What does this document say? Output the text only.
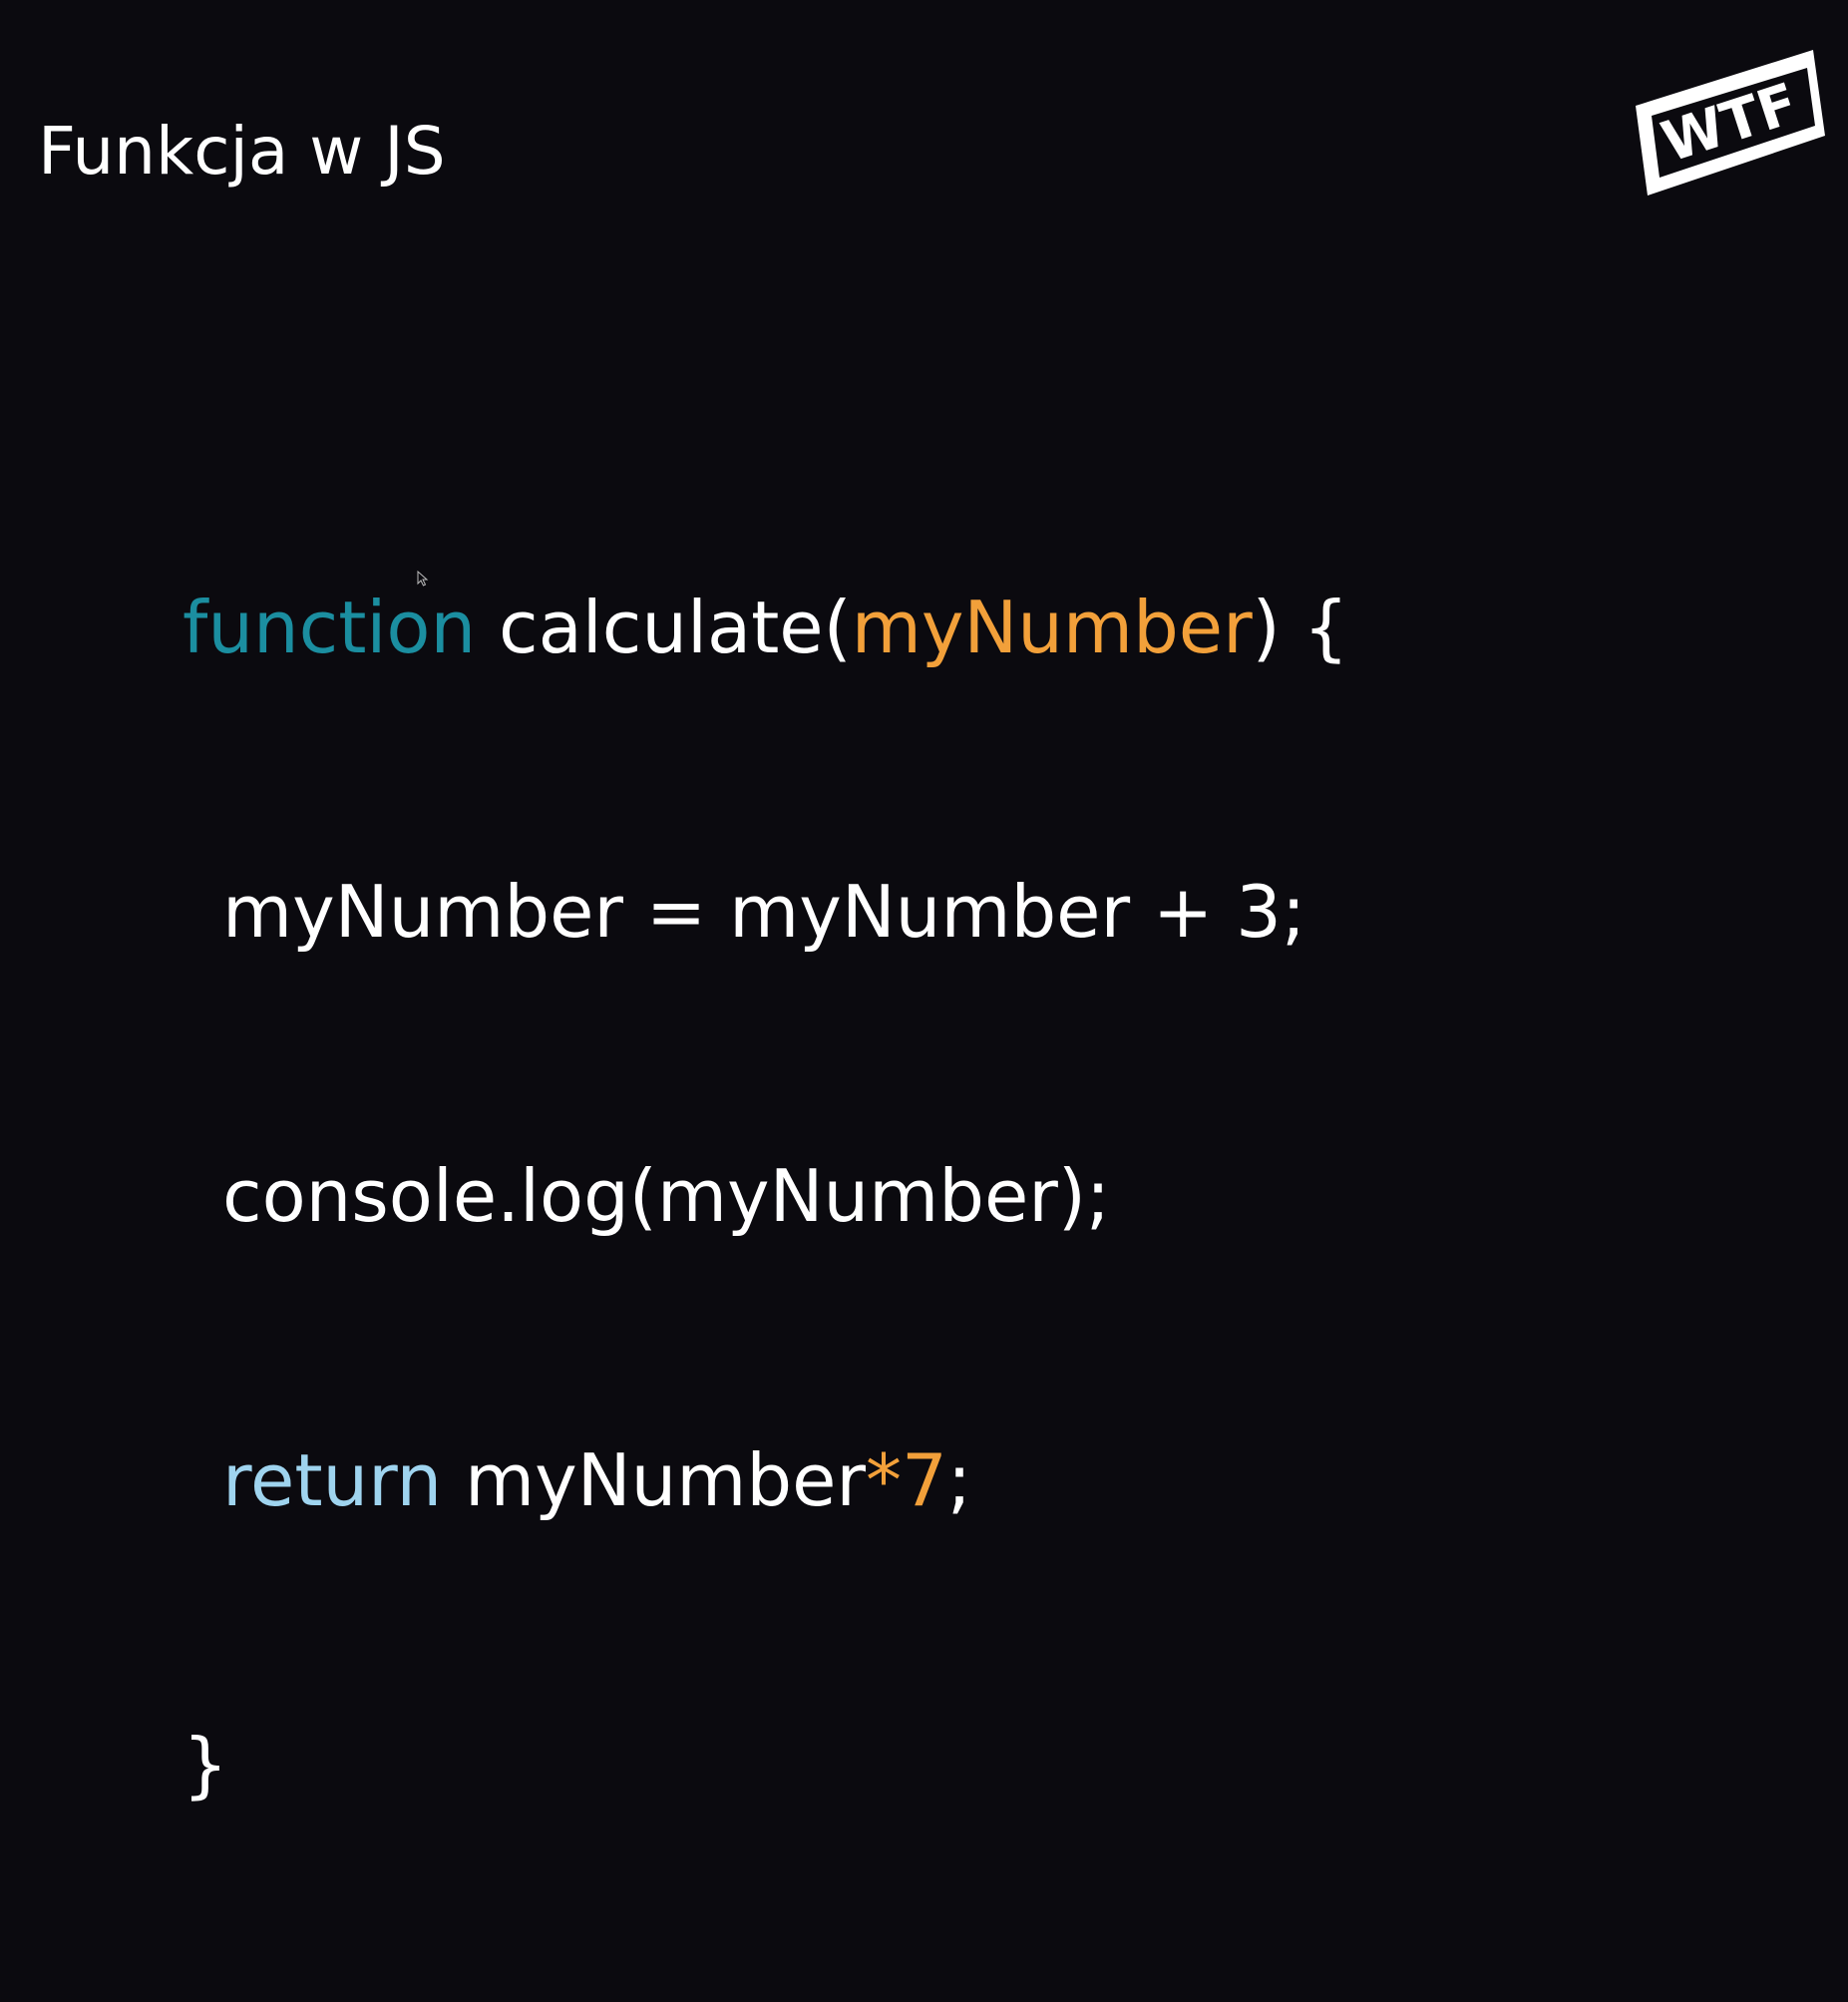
Funkcja w JS	WTF

function calculate(myNumber) {

myNumber = myNumber + 3;

console.log(myNumber);

return myNumber*7;

}
